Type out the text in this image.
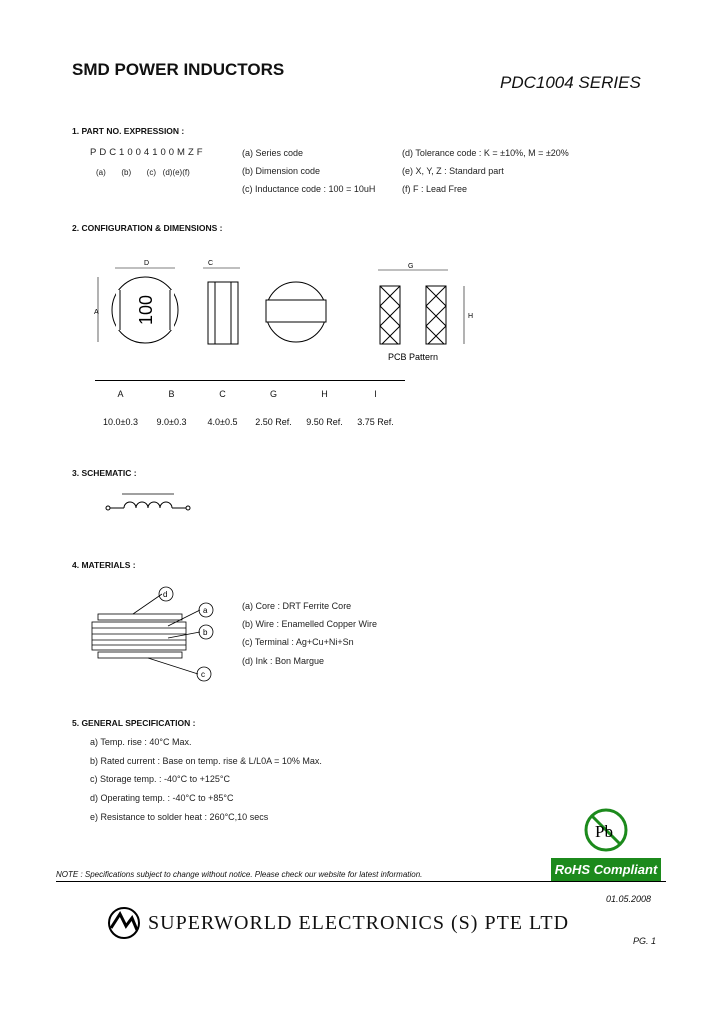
SMD POWER INDUCTORS
PDC1004 SERIES
1. PART NO. EXPRESSION :
PDC1004100MZF
(a)       (b)       (c)   (d)(e)(f)
(a) Series code
(b) Dimension code
(c) Inductance code : 100 = 10uH
(d) Tolerance code : K = ±10%, M = ±20%
(e) X, Y, Z : Standard part
(f) F : Lead Free
2. CONFIGURATION & DIMENSIONS :
100
D
A
C	G
H
PCB Pattern
A	B	C	G	H	I
10.0±0.3	9.0±0.3	4.0±0.5	2.50 Ref.	9.50 Ref.	3.75 Ref.
3. SCHEMATIC :
4. MATERIALS :
d
a
b
c
(a) Core : DRT Ferrite Core
(b) Wire : Enamelled Copper Wire
(c) Terminal : Ag+Cu+Ni+Sn
(d) Ink : Bon Margue
5. GENERAL SPECIFICATION :
a) Temp. rise : 40°C Max.
b) Rated current : Base on temp. rise & L/L0A = 10% Max.
c) Storage temp. : -40°C to +125°C
d) Operating temp. : -40°C to +85°C
e) Resistance to solder heat : 260°C,10 secs
Pb
RoHS Compliant
NOTE : Specifications subject to change without notice. Please check our website for latest information.
01.05.2008
SUPERWORLD ELECTRONICS (S) PTE LTD
PG. 1
